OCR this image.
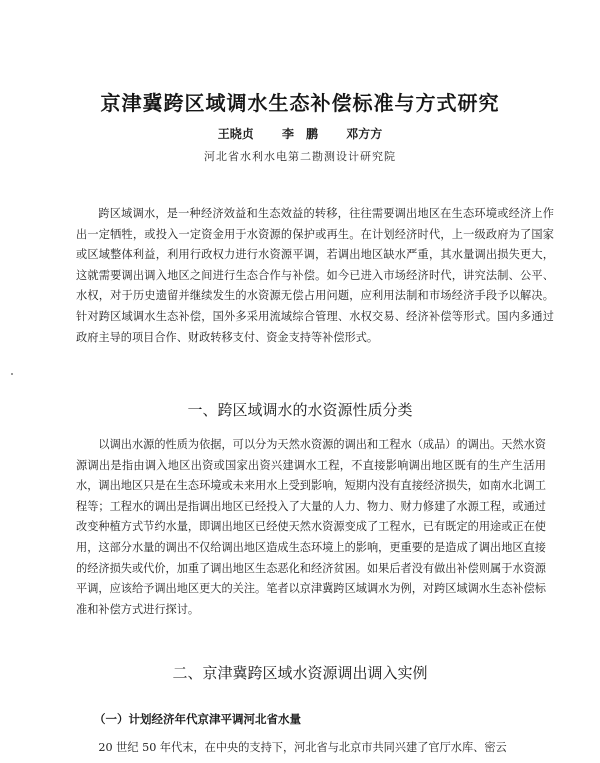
京津冀跨区域调水生态补偿标准与方式研究
王晓贞 李　鹏 邓方方
河北省水利水电第二勘测设计研究院

跨区域调水，是一种经济效益和生态效益的转移，往往需要调出地区在生态环境或经济上作出一定牺牲，或投入一定资金用于水资源的保护或再生。在计划经济时代，上一级政府为了国家或区域整体利益，利用行政权力进行水资源平调，若调出地区缺水严重，其水量调出损失更大，这就需要调出调入地区之间进行生态合作与补偿。如今已进入市场经济时代，讲究法制、公平、水权，对于历史遗留并继续发生的水资源无偿占用问题，应利用法制和市场经济手段予以解决。针对跨区域调水生态补偿，国外多采用流域综合管理、水权交易、经济补偿等形式。国内多通过政府主导的项目合作、财政转移支付、资金支持等补偿形式。

一、跨区域调水的水资源性质分类

以调出水源的性质为依据，可以分为天然水资源的调出和工程水（成品）的调出。天然水资源调出是指由调入地区出资或国家出资兴建调水工程，不直接影响调出地区既有的生产生活用水，调出地区只是在生态环境或未来用水上受到影响，短期内没有直接经济损失，如南水北调工程等；工程水的调出是指调出地区已经投入了大量的人力、物力、财力修建了水源工程，或通过改变种植方式节约水量，即调出地区已经使天然水资源变成了工程水，已有既定的用途或正在使用，这部分水量的调出不仅给调出地区造成生态环境上的影响，更重要的是造成了调出地区直接的经济损失或代价，加重了调出地区生态恶化和经济贫困。如果后者没有做出补偿则属于水资源平调，应该给予调出地区更大的关注。笔者以京津冀跨区域调水为例，对跨区域调水生态补偿标准和补偿方式进行探讨。

二、京津冀跨区域水资源调出调入实例
（一）计划经济年代京津平调河北省水量

20 世纪 50 年代末，在中央的支持下，河北省与北京市共同兴建了官厅水库、密云
